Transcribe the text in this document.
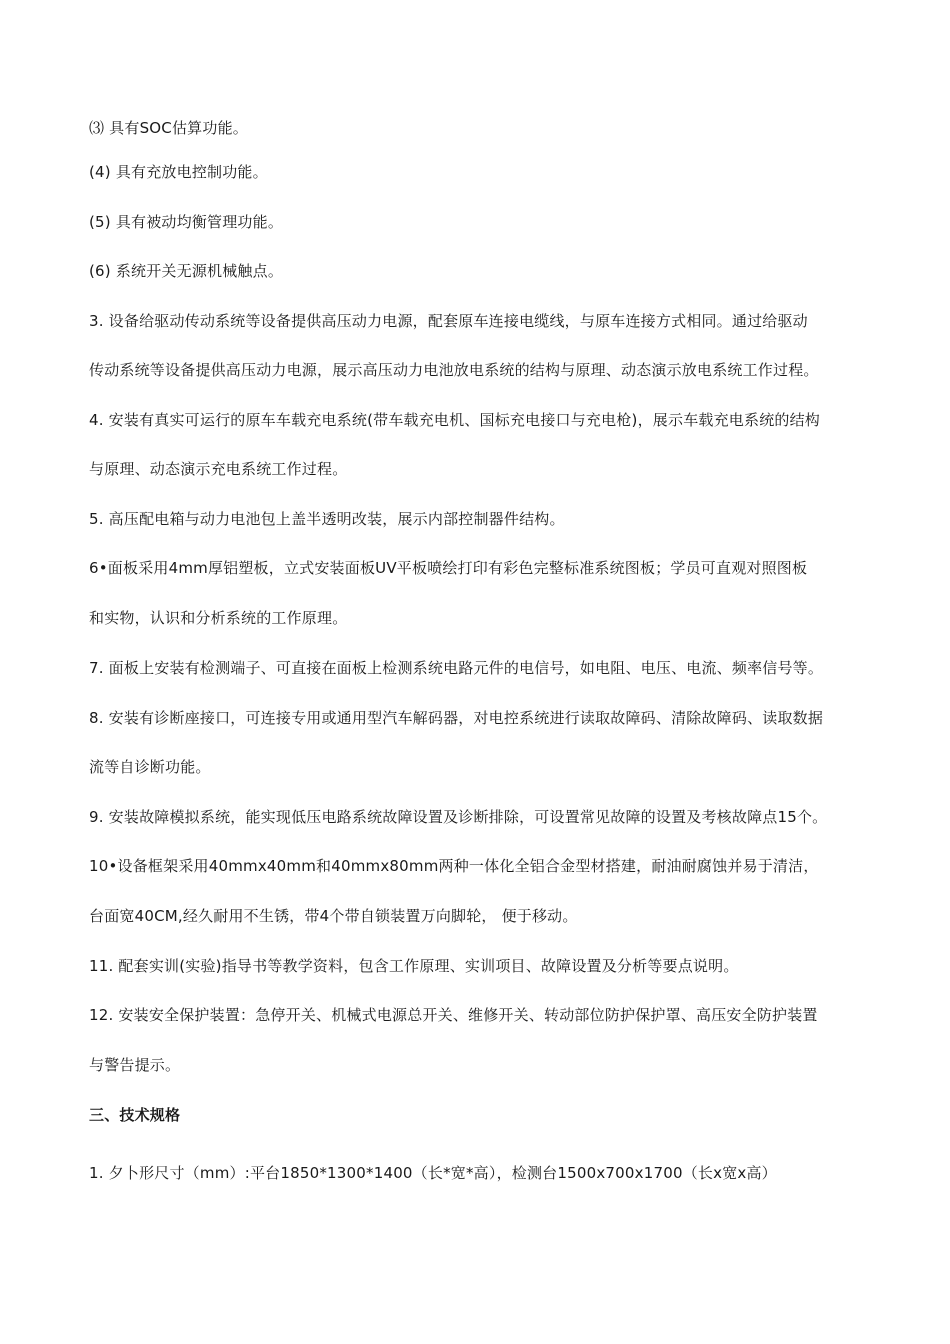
⑶ 具有SOC估算功能。
(4) 具有充放电控制功能。
(5) 具有被动均衡管理功能。
(6) 系统开关无源机械触点。
3. 设备给驱动传动系统等设备提供高压动力电源，配套原车连接电缆线，与原车连接方式相同。通过给驱动
传动系统等设备提供高压动力电源，展示高压动力电池放电系统的结构与原理、动态演示放电系统工作过程。
4. 安装有真实可运行的原车车载充电系统(带车载充电机、国标充电接口与充电枪)，展示车载充电系统的结构
与原理、动态演示充电系统工作过程。
5. 高压配电箱与动力电池包上盖半透明改装，展示内部控制器件结构。
6•面板采用4mm厚铝塑板，立式安装面板UV平板喷绘打印有彩色完整标准系统图板；学员可直观对照图板
和实物，认识和分析系统的工作原理。
7. 面板上安装有检测端子、可直接在面板上检测系统电路元件的电信号，如电阻、电压、电流、频率信号等。
8. 安装有诊断座接口，可连接专用或通用型汽车解码器，对电控系统进行读取故障码、清除故障码、读取数据
流等自诊断功能。
9. 安装故障模拟系统，能实现低压电路系统故障设置及诊断排除，可设置常见故障的设置及考核故障点15个。
10•设备框架采用40mmx40mm和40mmx80mm两种一体化全铝合金型材搭建，耐油耐腐蚀并易于清洁，
台面宽40CM,经久耐用不生锈，带4个带自锁装置万向脚轮， 便于移动。
11. 配套实训(实验)指导书等教学资料，包含工作原理、实训项目、故障设置及分析等要点说明。
12. 安装安全保护装置：急停开关、机械式电源总开关、维修开关、转动部位防护保护罩、高压安全防护装置
与警告提示。
三、技术规格
1. 夕卜形尺寸（mm）:平台1850*1300*1400（长*宽*高），检测台1500x700x1700（长x宽x高）
